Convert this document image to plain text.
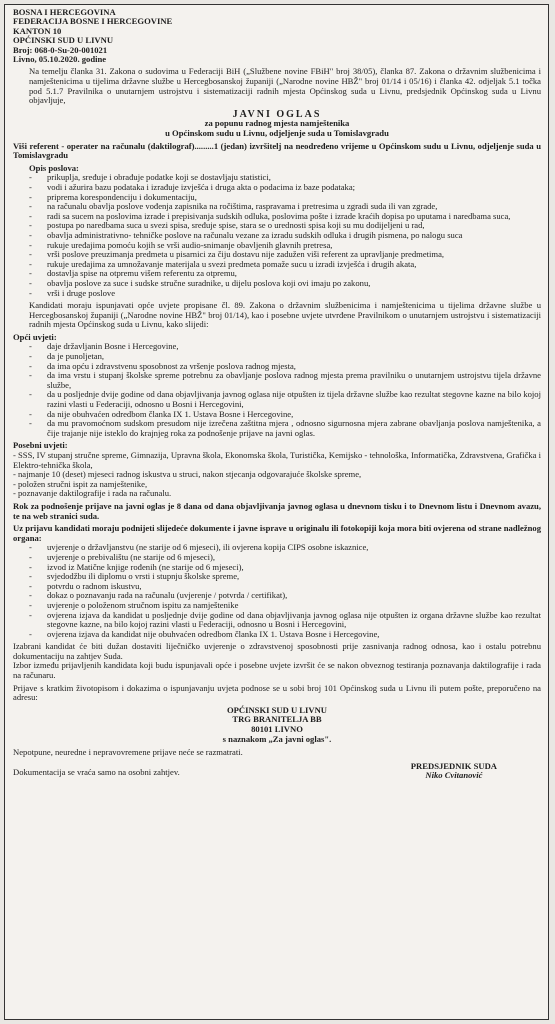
BOSNA I HERCEGOVINA
FEDERACIJA BOSNE I HERCEGOVINE
KANTON 10
OPĆINSKI SUD U LIVNU
Broj: 068-0-Su-20-001021
Livno, 05.10.2020. godine

Na temelju članka 31. Zakona o sudovima u Federaciji BiH („Službene novine FBiH" broj 38/05), članka 87. Zakona o državnim službenicima i namještenicima u tijelima državne službe u Hercegbosanskoj županiji („Narodne novine HBŽ" broj 01/14 i 05/16) i članka 42. odjeljak 5.1 točka pod 5.1.7 Pravilnika o unutarnjem ustrojstvu i sistematizaciji radnih mjesta Općinskog suda u Livnu, predsjednik Općinskog suda u Livnu objavljuje,

JAVNI OGLAS
za popunu radnog mjesta namještenika
u Općinskom sudu u Livnu, odjeljenje suda u Tomislavgradu

Viši referent - operater na računalu (daktilograf).........1 (jedan) izvršitelj na neodređeno vrijeme u Općinskom sudu u Livnu, odjeljenje suda u Tomislavgradu

Opis poslova:
- prikuplja, sređuje i obrađuje podatke koji se dostavljaju statistici,
- vodi i ažurira bazu podataka i izrađuje izvješća i druga akta o podacima iz baze podataka;
- priprema korespondenciju i dokumentaciju,
- na računalu obavlja poslove vođenja zapisnika na ročištima, raspravama i pretresima u zgradi suda ili van zgrade,
- radi sa sucem na poslovima izrade i prepisivanja sudskih odluka, poslovima pošte i izrade kraćih dopisa po uputama i naredbama suca,
- postupa po naredbama suca u svezi spisa, sređuje spise, stara se o urednosti spisa koji su mu dodijeljeni u rad,
- obavlja administrativno- tehničke poslove na računalu vezane za izradu sudskih odluka i drugih pismena, po nalogu suca
- rukuje uređajima pomoću kojih se vrši audio-snimanje obavljenih glavnih pretresa,
- vrši poslove preuzimanja predmeta u pisarnici za čiju dostavu nije zadužen viši referent za upravljanje predmetima,
- rukuje uređajima za umnožavanje materijala u svezi predmeta pomaže sucu u izradi izvješća i drugih akata,
- dostavlja spise na otpremu višem referentu za otpremu,
- obavlja poslove za suce i sudske stručne suradnike, u dijelu poslova koji ovi imaju po zakonu,
- vrši i druge poslove

Kandidati moraju ispunjavati opće uvjete propisane čl. 89. Zakona o državnim službenicima i namještenicima u tijelima državne službe u Hercegbosanskoj županiji („Narodne novine HBŽ" broj 01/14), kao i posebne uvjete utvrđene Pravilnikom o unutarnjem ustrojstvu i sistematizaciji radnih mjesta Općinskog suda u Livnu, kako slijedi:

Opći uvjeti:
- daje državljanin Bosne i Hercegovine,
- da je punoljetan,
- da ima opću i zdravstvenu sposobnost za vršenje poslova radnog mjesta,
- da ima vrstu i stupanj školske spreme potrebnu za obavljanje poslova radnog mjesta prema pravilniku o unutarnjem ustrojstvu tijela državne službe,
- da u posljednje dvije godine od dana objavljivanja javnog oglasa nije otpušten iz tijela državne službe kao rezultat stegovne kazne na bilo kojoj razini vlasti u Federaciji, odnosno u Bosni i Hercegovini,
- da nije obuhvaćen odredbom članka IX 1. Ustava Bosne i Hercegovine,
- da mu pravomoćnom sudskom presudom nije izrečena zaštitna mjera , odnosno sigurnosna mjera zabrane obavljanja poslova namještenika, a čije trajanje nije isteklo do krajnjeg roka za podnošenje prijave na javni oglas.
Posebni uvjeti:

- SSS, IV stupanj stručne spreme, Gimnazija, Upravna škola, Ekonomska škola, Turistička, Kemijsko - tehnološka, Informatička, Zdravstvena, Grafička i Elektro-tehnička škola,

- najmanje 10 (deset) mjeseci radnog iskustva u struci, nakon stjecanja odgovarajuće školske spreme,

- položen stručni ispit za namještenike,

- poznavanje daktilografije i rada na računalu.

Rok za podnošenje prijave na javni oglas je 8 dana od dana objavljivanja javnog oglasa u dnevnom tisku i to Dnevnom listu i Dnevnom avazu, te na web stranici suda.

Uz prijavu kandidati moraju podnijeti slijedeće dokumente i javne isprave u originalu ili fotokopiji koja mora biti ovjerena od strane nadležnog organa:

- uvjerenje o državljanstvu (ne starije od 6 mjeseci), ili ovjerena kopija CIPS osobne iskaznice,
- uvjerenje o prebivalištu (ne starije od 6 mjeseci),
- izvod iz Matične knjige rođenih (ne starije od 6 mjeseci),
- svjedodžbu ili diplomu o vrsti i stupnju školske spreme,
- potvrdu o radnom iskustvu,
- dokaz o poznavanju rada na računalu (uvjerenje / potvrda / certifikat),
- uvjerenje o položenom stručnom ispitu za namještenike
- ovjerena izjava da kandidat u posljednje dvije godine od dana objavljivanja javnog oglasa nije otpušten iz organa državne službe kao rezultat stegovne kazne, na bilo kojoj razini vlasti u Federaciji, odnosno u Bosni i Hercegovini,
- ovjerena izjava da kandidat nije obuhvaćen odredbom članka IX 1. Ustava Bosne i Hercegovine,

Izabrani kandidat će biti dužan dostaviti liječničko uvjerenje o zdravstvenoj sposobnosti prije zasnivanja radnog odnosa, kao i ostalu potrebnu dokumentaciju na zahtjev Suda.

Izbor između prijavljenih kandidata koji budu ispunjavali opće i posebne uvjete izvršit će se nakon obveznog testiranja poznavanja daktilografije i rada na računaru.

Prijave s kratkim životopisom i dokazima o ispunjavanju uvjeta podnose se u sobi broj 101 Općinskog suda u Livnu ili putem pošte, preporučeno na adresu:

OPĆINSKI SUD U LIVNU
TRG BRANITELJA BB
80101 LIVNO
s naznakom „Za javni oglas".

Nepotpune, neuredne i nepravovremene prijave neće se razmatrati.

Dokumentacija se vraća samo na osobni zahtjev.
PREDSJEDNIK SUDA
Niko Cvitanović
